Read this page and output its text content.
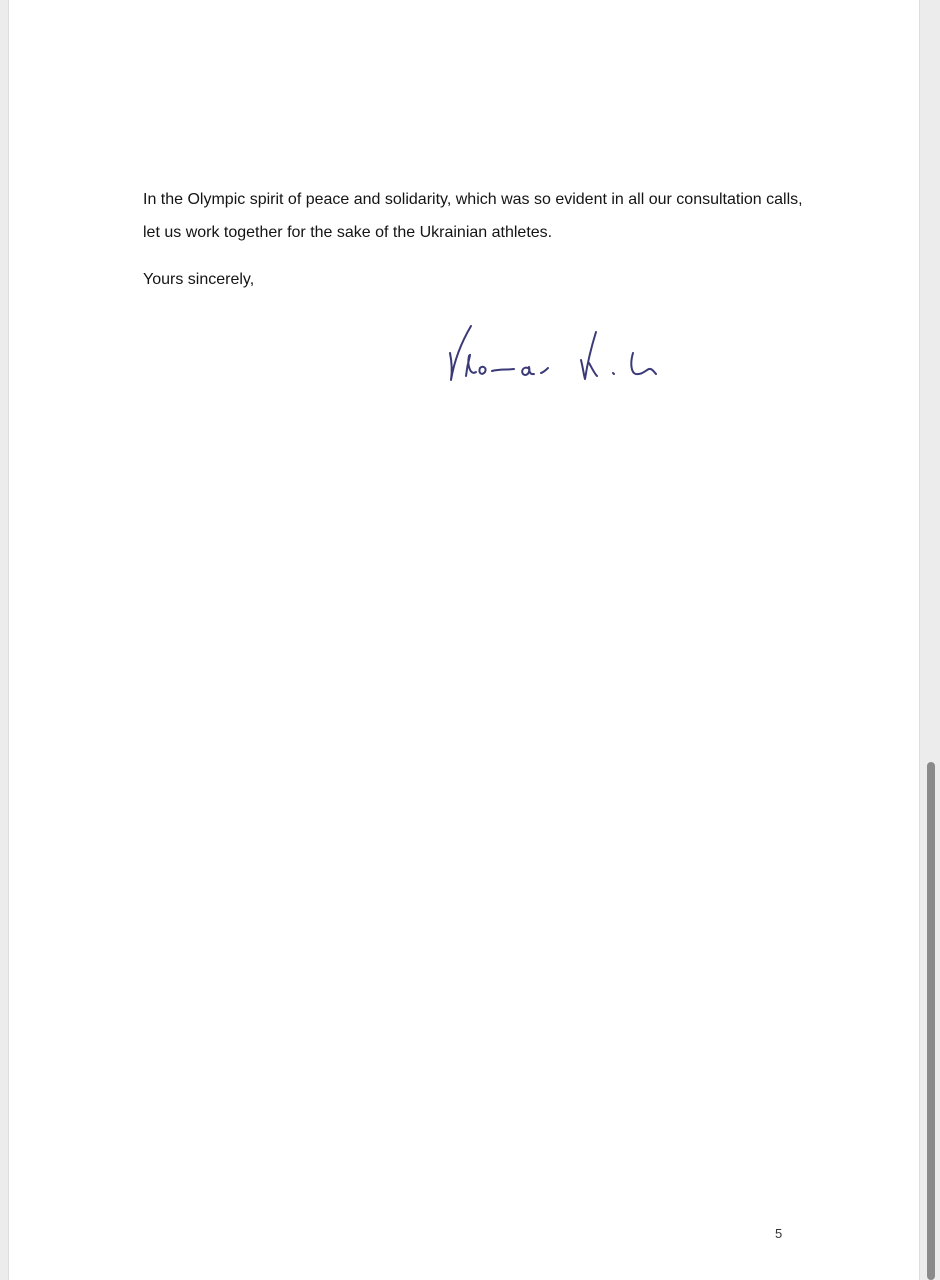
In the Olympic spirit of peace and solidarity, which was so evident in all our consultation calls, let us work together for the sake of the Ukrainian athletes.

Yours sincerely,

5
